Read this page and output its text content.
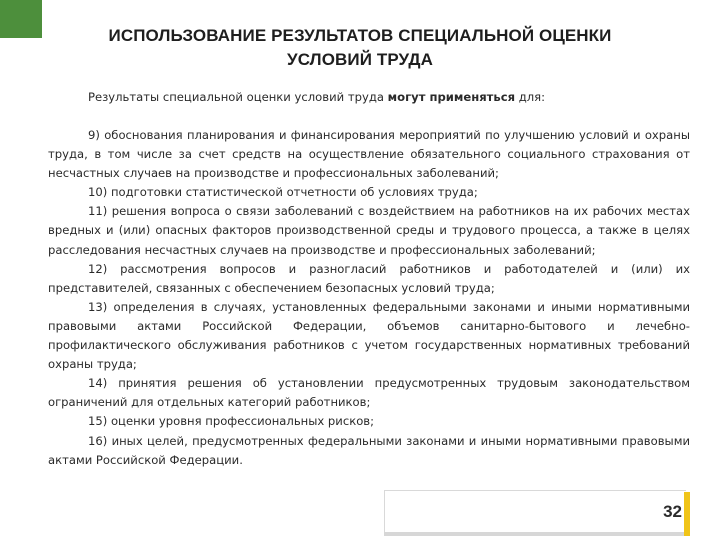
ИСПОЛЬЗОВАНИЕ РЕЗУЛЬТАТОВ СПЕЦИАЛЬНОЙ ОЦЕНКИ
УСЛОВИЙ ТРУДА
Результаты специальной оценки условий труда могут применяться для:

9) обоснования планирования и финансирования мероприятий по улучшению условий и охраны труда, в том числе за счет средств на осуществление обязательного социального страхования от несчастных случаев на производстве и профессиональных заболеваний;

10) подготовки статистической отчетности об условиях труда;

11) решения вопроса о связи заболеваний с воздействием на работников на их рабочих местах вредных и (или) опасных факторов производственной среды и трудового процесса, а также в целях расследования несчастных случаев на производстве и профессиональных заболеваний;

12) рассмотрения вопросов и разногласий работников и работодателей и (или) их представителей, связанных с обеспечением безопасных условий труда;

13) определения в случаях, установленных федеральными законами и иными нормативными правовыми актами Российской Федерации, объемов санитарно-бытового и лечебно-профилактического обслуживания работников с учетом государственных нормативных требований охраны труда;

14) принятия решения об установлении предусмотренных трудовым законодательством ограничений для отдельных категорий работников;

15) оценки уровня профессиональных рисков;

16) иных целей, предусмотренных федеральными законами и иными нормативными правовыми актами Российской Федерации.

32
